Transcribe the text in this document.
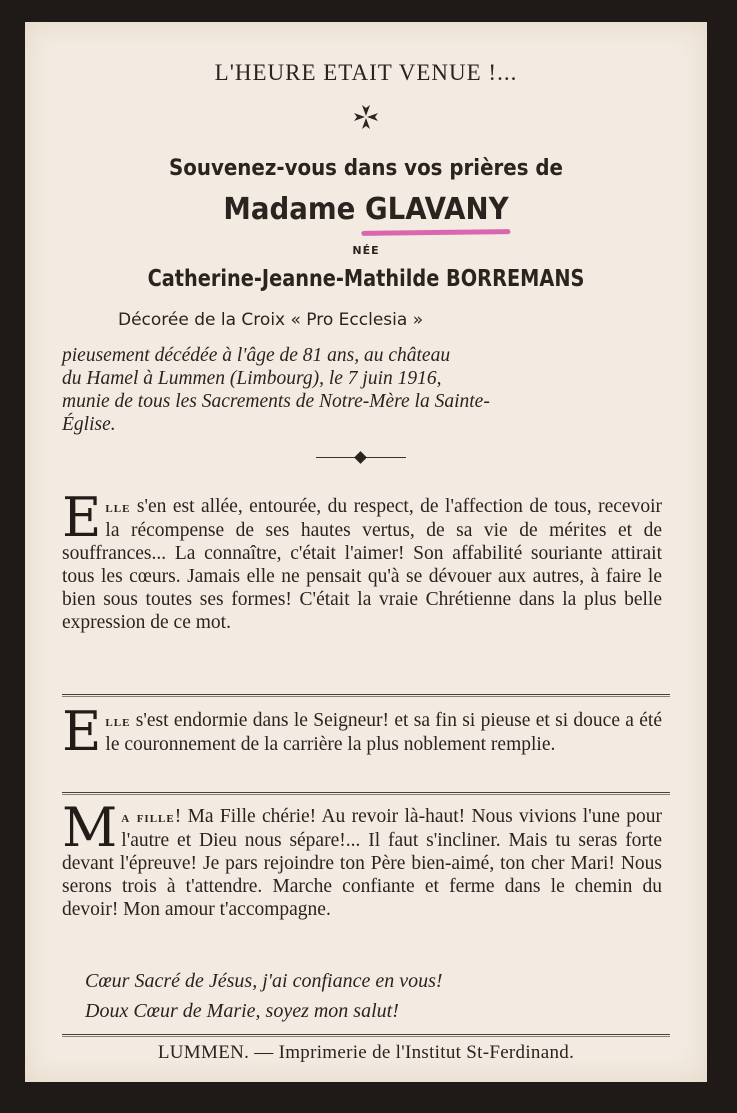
L'HEURE ETAIT VENUE !...
Souvenez-vous dans vos prières de
Madame GLAVANY
NÉE
Catherine-Jeanne-Mathilde BORREMANS
Décorée de la Croix « Pro Ecclesia »

pieusement décédée à l'âge de 81 ans, au château

du Hamel à Lummen (Limbourg), le 7 juin 1916,

munie de tous les Sacrements de Notre-Mère la Sainte-

Église.

Elle s'en est allée, entourée, du respect, de l'affection de tous, recevoir la récompense de ses hautes vertus, de sa vie de mérites et de souffrances... La connaître, c'était l'aimer! Son affabilité souriante attirait tous les cœurs. Jamais elle ne pensait qu'à se dévouer aux autres, à faire le bien sous toutes ses formes! C'était la vraie Chrétienne dans la plus belle expression de ce mot.
Elle s'est endormie dans le Seigneur! et sa fin si pieuse et si douce a été le couronnement de la carrière la plus noblement remplie.
Ma fille! Ma Fille chérie! Au revoir là-haut! Nous vivions l'une pour l'autre et Dieu nous sépare!... Il faut s'incliner. Mais tu seras forte devant l'épreuve! Je pars rejoindre ton Père bien-aimé, ton cher Mari! Nous serons trois à t'attendre. Marche confiante et ferme dans le chemin du devoir! Mon amour t'accompagne.
Cœur Sacré de Jésus, j'ai confiance en vous!
Doux Cœur de Marie, soyez mon salut!
LUMMEN. — Imprimerie de l'Institut St-Ferdinand.
